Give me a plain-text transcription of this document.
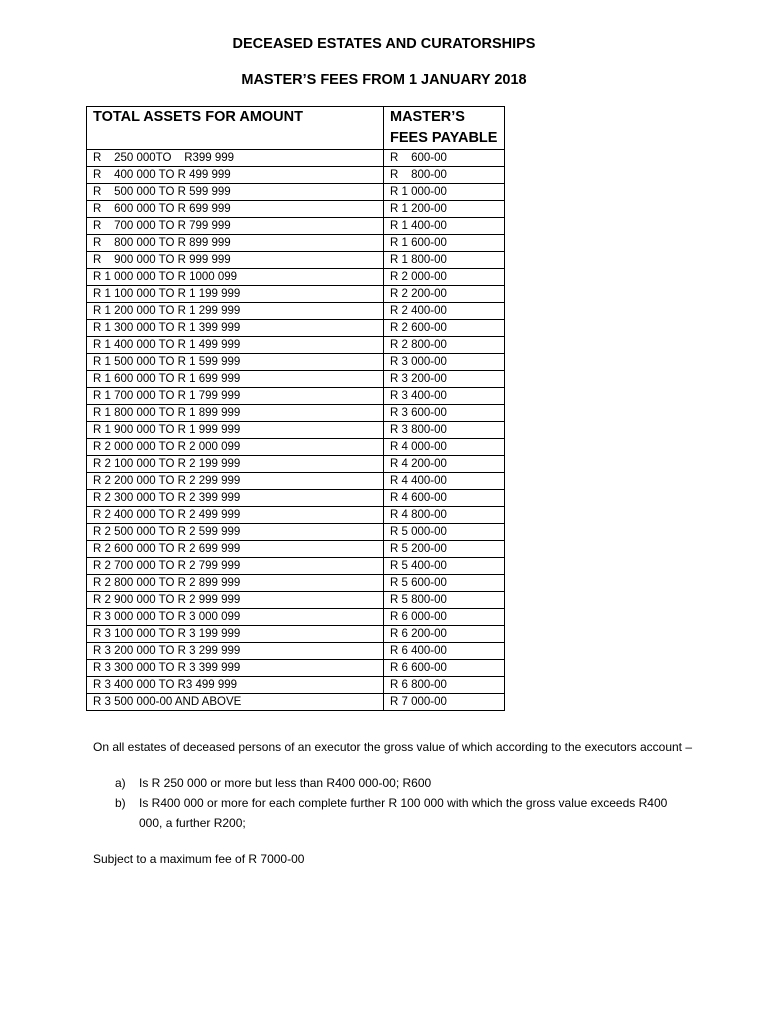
DECEASED ESTATES AND CURATORSHIPS
MASTER’S FEES FROM 1 JANUARY 2018
TOTAL ASSETS FOR AMOUNT	MASTER’S
FEES PAYABLE
R    250 000TO    R399 999	R    600-00
R    400 000 TO R 499 999	R    800-00
R    500 000 TO R 599 999	R 1 000-00
R    600 000 TO R 699 999	R 1 200-00
R    700 000 TO R 799 999	R 1 400-00
R    800 000 TO R 899 999	R 1 600-00
R    900 000 TO R 999 999	R 1 800-00
R 1 000 000 TO R 1000 099	R 2 000-00
R 1 100 000 TO R 1 199 999	R 2 200-00
R 1 200 000 TO R 1 299 999	R 2 400-00
R 1 300 000 TO R 1 399 999	R 2 600-00
R 1 400 000 TO R 1 499 999	R 2 800-00
R 1 500 000 TO R 1 599 999	R 3 000-00
R 1 600 000 TO R 1 699 999	R 3 200-00
R 1 700 000 TO R 1 799 999	R 3 400-00
R 1 800 000 TO R 1 899 999	R 3 600-00
R 1 900 000 TO R 1 999 999	R 3 800-00
R 2 000 000 TO R 2 000 099	R 4 000-00
R 2 100 000 TO R 2 199 999	R 4 200-00
R 2 200 000 TO R 2 299 999	R 4 400-00
R 2 300 000 TO R 2 399 999	R 4 600-00
R 2 400 000 TO R 2 499 999	R 4 800-00
R 2 500 000 TO R 2 599 999	R 5 000-00
R 2 600 000 TO R 2 699 999	R 5 200-00
R 2 700 000 TO R 2 799 999	R 5 400-00
R 2 800 000 TO R 2 899 999	R 5 600-00
R 2 900 000 TO R 2 999 999	R 5 800-00
R 3 000 000 TO R 3 000 099	R 6 000-00
R 3 100 000 TO R 3 199 999	R 6 200-00
R 3 200 000 TO R 3 299 999	R 6 400-00
R 3 300 000 TO R 3 399 999	R 6 600-00
R 3 400 000 TO R3 499 999	R 6 800-00
R 3 500 000-00 AND ABOVE	R 7 000-00

On all estates of deceased persons of an executor the gross value of which according to the executors account –

a) Is R 250 000 or more but less than R400 000-00; R600
b) Is R400 000 or more for each complete further R 100 000 with which the gross value exceeds R400 000, a further R200;

Subject to a maximum fee of R 7000-00
